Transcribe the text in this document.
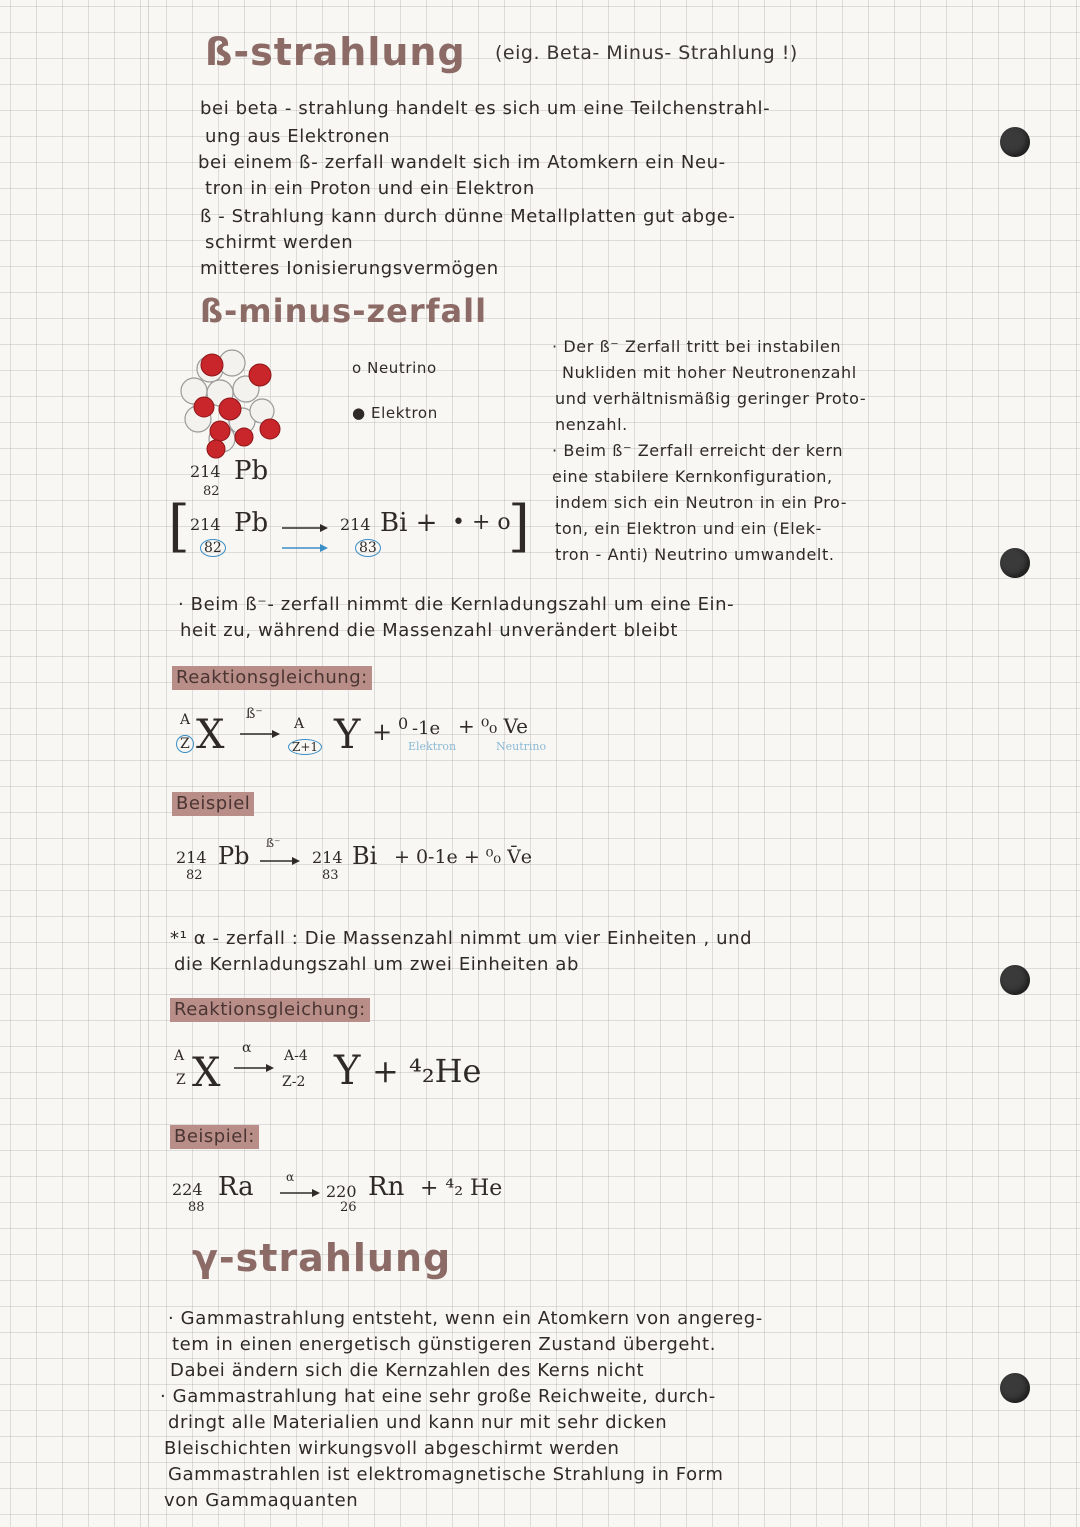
ß-strahlung (eig. Beta- Minus- Strahlung !)
bei beta - strahlung handelt es sich um eine Teilchenstrahl-
ung aus Elektronen
bei einem ß- zerfall wandelt sich im Atomkern ein Neu-
tron in ein Proton und ein Elektron
ß - Strahlung kann durch dünne Metallplatten gut abge-
schirmt werden
mitteres Ionisierungsvermögen
ß-minus-zerfall
o Neutrino
● Elektron
214 Pb
82
[ 214 Pb
82
214 Bi +
83
• + o
]
· Der ß⁻ Zerfall tritt bei instabilen
Nukliden mit hoher Neutronenzahl
und verhältnismäßig geringer Proto-
nenzahl.
· Beim ß⁻ Zerfall erreicht der kern
eine stabilere Kernkonfiguration,
indem sich ein Neutron in ein Pro-
ton, ein Elektron und ein (Elek-
tron - Anti) Neutrino umwandelt.
· Beim ß⁻- zerfall nimmt die Kernladungszahl um eine Ein-
heit zu, während die Massenzahl unverändert bleibt
Reaktionsgleichung:
A
Z X ß⁻
A
Z+1 Y + 0 -1e + ⁰₀ Ve
Elektron	Neutrino
Beispiel
214 Pb
82
ß⁻
214 Bi
83
+ 0-1e + ⁰₀ V̄e
*¹ α - zerfall : Die Massenzahl nimmt um vier Einheiten , und
die Kernladungszahl um zwei Einheiten ab
Reaktionsgleichung:
A
Z X
α A-4
Z-2 Y + ⁴₂He
Beispiel:
224 Ra
88
α
220 Rn
26
+ ⁴₂ He
γ-strahlung
· Gammastrahlung entsteht, wenn ein Atomkern von angereg-
tem in einen energetisch günstigeren Zustand übergeht.
Dabei ändern sich die Kernzahlen des Kerns nicht
· Gammastrahlung hat eine sehr große Reichweite, durch-
dringt alle Materialien und kann nur mit sehr dicken
Bleischichten wirkungsvoll abgeschirmt werden
Gammastrahlen ist elektromagnetische Strahlung in Form
von Gammaquanten
